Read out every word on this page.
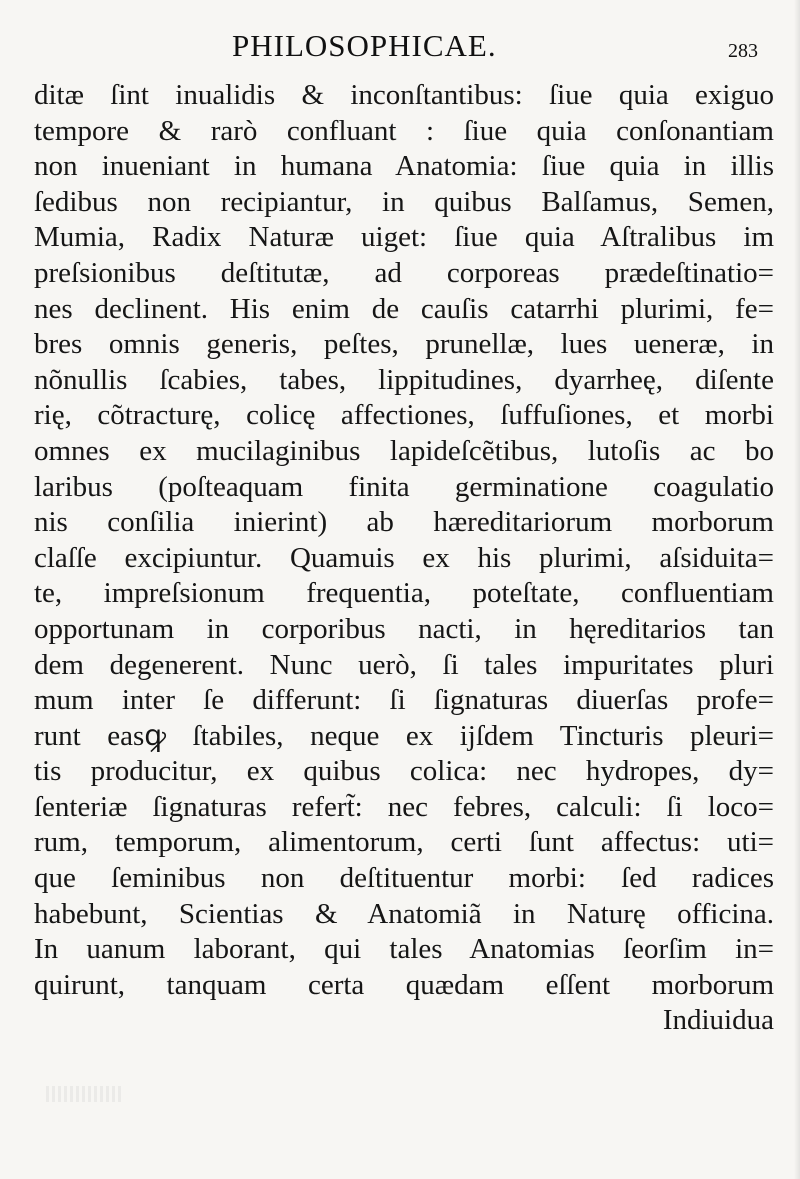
PHILOSOPHICAE.	283
ditæ ſint inualidis & inconſtantibus: ſiue quia exiguo
tempore & rarò confluant : ſiue quia conſonantiam
non inueniant in humana Anatomia: ſiue quia in illis
ſedibus non recipiantur, in quibus Balſamus, Semen,
Mumia, Radix Naturæ uiget: ſiue quia Aſtralibus im
preſsionibus deſtitutæ, ad corporeas prædeſtinatio=
nes declinent. His enim de cauſis catarrhi plurimi, fe=
bres omnis generis, peſtes, prunellæ, lues ueneræ, in
nõnullis ſcabies, tabes, lippitudines, dyarrheę, diſente
rię, cõtracturę, colicę affectiones, ſuffuſiones, et morbi
omnes ex mucilaginibus lapideſcẽtibus, lutoſis ac bo
laribus (poſteaquam finita germinatione coagulatio
nis conſilia inierint) ab hæreditariorum morborum
claſſe excipiuntur. Quamuis ex his plurimi, aſsiduita=
te, impreſsionum frequentia, poteſtate, confluentiam
opportunam in corporibus nacti, in hęreditarios tan
dem degenerent. Nunc uerò, ſi tales impuritates pluri
mum inter ſe differunt: ſi ſignaturas diuerſas profe=
runt easꝙ ſtabiles, neque ex ijſdem Tincturis pleuri=
tis producitur, ex quibus colica: nec hydropes, dy=
ſenteriæ ſignaturas refert̃: nec febres, calculi: ſi loco=
rum, temporum, alimentorum, certi ſunt affectus: uti=
que ſeminibus non deſtituentur morbi: ſed radices
habebunt, Scientias & Anatomiã in Naturę officina.
In uanum laborant, qui tales Anatomias ſeorſim in=
quirunt, tanquam certa quædam eſſent morborum
Indiuidua
